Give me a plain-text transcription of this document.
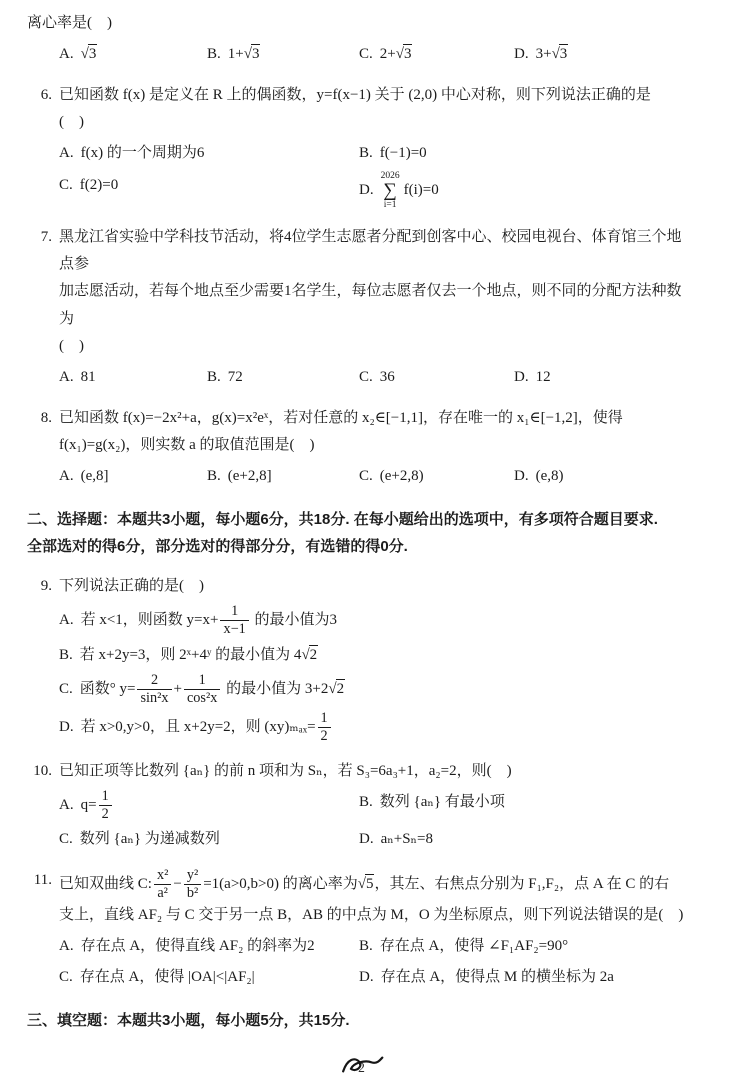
离心率是(    )
A. √3	B. 1+√3	C. 2+√3	D. 3+√3
6. 已知函数 f(x) 是定义在 R 上的偶函数，y=f(x−1) 关于 (2,0) 中心对称，则下列说法正确的是
(    )
A. f(x) 的一个周期为6	B. f(−1)=0
C. f(2)=0	D.
2026
∑
i=1
f(i)=0
7. 黑龙江省实验中学科技节活动，将4位学生志愿者分配到创客中心、校园电视台、体育馆三个地点参
加志愿活动，若每个地点至少需要1名学生，每位志愿者仅去一个地点，则不同的分配方法种数为
(    )
A. 81	B. 72	C. 36	D. 12
8. 已知函数 f(x)=−2x²+a，g(x)=x²eˣ，若对任意的 x₂∈[−1,1]，存在唯一的 x₁∈[−1,2]，使得
f(x₁)=g(x₂)，则实数 a 的取值范围是(    )
A. (e,8]	B. (e+2,8]	C. (e+2,8)	D. (e,8)
二、选择题：本题共3小题，每小题6分，共18分. 在每小题给出的选项中，有多项符合题目要求.
全部选对的得6分，部分选对的得部分分，有选错的得0分.
9. 下列说法正确的是(    )
A. 若 x<1，则函数 $y=x+ \frac{1}{x-1}$ 的最小值为3
B. 若 x+2y=3，则 2ˣ+4ʸ 的最小值为 4√2
C. 函数° $y= \frac{2}{\text{sin²x}} + \frac{1}{\text{cos²x}}$ 的最小值为 3+2√2
D. 若 x>0,y>0，且 x+2y=2，则 $(xy)_{max}= \frac{1}{2}$
10. 已知正项等比数列 {aₙ} 的前 n 项和为 Sₙ，若 S₃=6a₃+1，a₂=2，则(    )
A. $q= \frac{1}{2}$	B. 数列 {aₙ} 有最小项
C. 数列 {aₙ} 为递减数列	D. aₙ+Sₙ=8
11. 已知双曲线 C: $\frac{\text{x²}}{\text{a²}} - \frac{\text{y²}}{\text{b²}} =1(a>0,b>0)$ 的离心率为√5，其左、右焦点分别为 F₁,F₂，点 A 在 C 的右
支上，直线 AF₂ 与 C 交于另一点 B，AB 的中点为 M，O 为坐标原点，则下列说法错误的是(    )
A. 存在点 A，使得直线 AF₂ 的斜率为2	B. 存在点 A，使得 ∠F₁AF₂=90°
C. 存在点 A，使得 |OA|<|AF₂|	D. 存在点 A，使得点 M 的横坐标为 2a
三、填空题：本题共3小题，每小题5分，共15分.
2
